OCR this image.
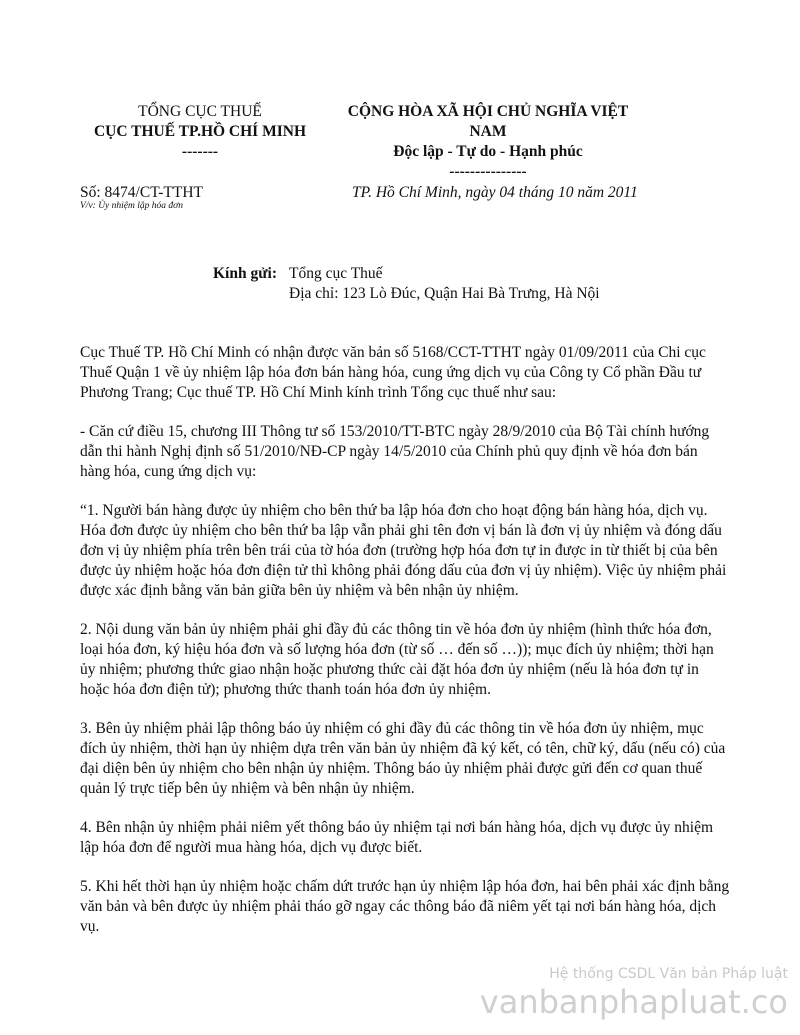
TỔNG CỤC THUẾ
CỤC THUẾ TP.HỒ CHÍ MINH
-------
CỘNG HÒA XÃ HỘI CHỦ NGHĨA VIỆT
NAM
Độc lập - Tự do - Hạnh phúc
---------------
Số: 8474/CT-TTHT
V/v: Ủy nhiệm lập hóa đơn
TP. Hồ Chí Minh, ngày 04 tháng 10 năm 2011
Kính gửi: Tổng cục Thuế
Địa chỉ: 123 Lò Đúc, Quận Hai Bà Trưng, Hà Nội

Cục Thuế TP. Hồ Chí Minh có nhận được văn bản số 5168/CCT-TTHT ngày 01/09/2011 của Chi cục Thuế Quận 1 về ủy nhiệm lập hóa đơn bán hàng hóa, cung ứng dịch vụ của Công ty Cổ phần Đầu tư Phương Trang; Cục thuế TP. Hồ Chí Minh kính trình Tổng cục thuế như sau:

- Căn cứ điều 15, chương III Thông tư số 153/2010/TT-BTC ngày 28/9/2010 của Bộ Tài chính hướng dẫn thi hành Nghị định số 51/2010/NĐ-CP ngày 14/5/2010 của Chính phủ quy định về hóa đơn bán hàng hóa, cung ứng dịch vụ:

“1. Người bán hàng được ủy nhiệm cho bên thứ ba lập hóa đơn cho hoạt động bán hàng hóa, dịch vụ. Hóa đơn được ủy nhiệm cho bên thứ ba lập vẫn phải ghi tên đơn vị bán là đơn vị ủy nhiệm và đóng dấu đơn vị ủy nhiệm phía trên bên trái của tờ hóa đơn (trường hợp hóa đơn tự in được in từ thiết bị của bên được ủy nhiệm hoặc hóa đơn điện tử thì không phải đóng dấu của đơn vị ủy nhiệm). Việc ủy nhiệm phải được xác định bằng văn bản giữa bên ủy nhiệm và bên nhận ủy nhiệm.

2. Nội dung văn bản ủy nhiệm phải ghi đầy đủ các thông tin về hóa đơn ủy nhiệm (hình thức hóa đơn, loại hóa đơn, ký hiệu hóa đơn và số lượng hóa đơn (từ số … đến số …)); mục đích ủy nhiệm; thời hạn ủy nhiệm; phương thức giao nhận hoặc phương thức cài đặt hóa đơn ủy nhiệm (nếu là hóa đơn tự in hoặc hóa đơn điện tử); phương thức thanh toán hóa đơn ủy nhiệm.

3. Bên ủy nhiệm phải lập thông báo ủy nhiệm có ghi đầy đủ các thông tin về hóa đơn ủy nhiệm, mục đích ủy nhiệm, thời hạn ủy nhiệm dựa trên văn bản ủy nhiệm đã ký kết, có tên, chữ ký, dấu (nếu có) của đại diện bên ủy nhiệm cho bên nhận ủy nhiệm. Thông báo ủy nhiệm phải được gửi đến cơ quan thuế quản lý trực tiếp bên ủy nhiệm và bên nhận ủy nhiệm.

4. Bên nhận ủy nhiệm phải niêm yết thông báo ủy nhiệm tại nơi bán hàng hóa, dịch vụ được ủy nhiệm lập hóa đơn để người mua hàng hóa, dịch vụ được biết.

5. Khi hết thời hạn ủy nhiệm hoặc chấm dứt trước hạn ủy nhiệm lập hóa đơn, hai bên phải xác định bằng văn bản và bên được ủy nhiệm phải tháo gỡ ngay các thông báo đã niêm yết tại nơi bán hàng hóa, dịch vụ.

Hệ thống CSDL Văn bản Pháp luật
vanbanphapluat.co
